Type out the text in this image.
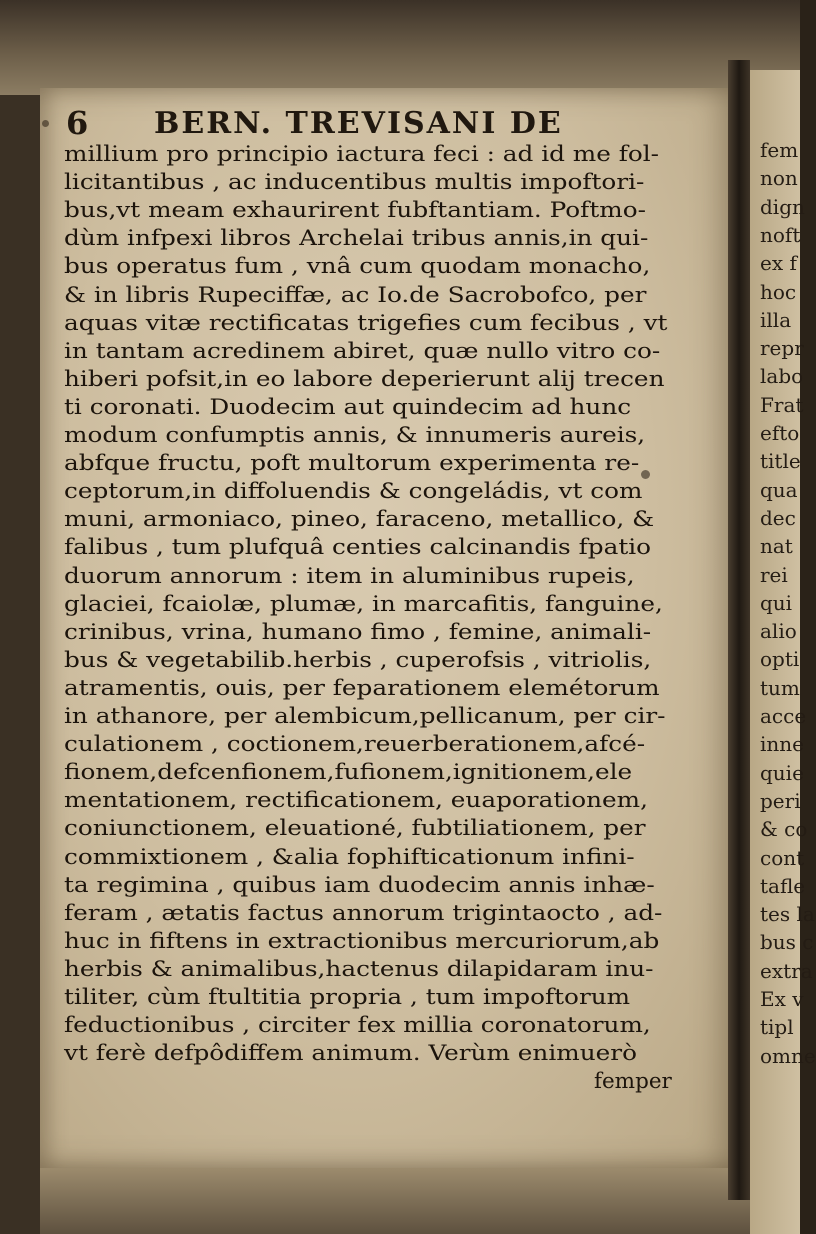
6 BERN. TREVISANI DE
millium pro principio iactura feci : ad id me fol-
licitantibus , ac inducentibus multis impoftori-
bus,vt meam exhaurirent fubftantiam. Poftmo-
dùm infpexi libros Archelai tribus annis,in qui-
bus operatus fum , vnâ cum quodam monacho,
& in libris Rupeciffæ, ac Io.de Sacrobofco, per
aquas vitæ rectificatas trigefies cum fecibus , vt
in tantam acredinem abiret, quæ nullo vitro co-
hiberi pofsit,in eo labore deperierunt alij trecen
ti coronati. Duodecim aut quindecim ad hunc
modum confumptis annis, & innumeris aureis,
abfque fructu, poft multorum experimenta re-
ceptorum,in diffoluendis & congeládis, vt com
muni, armoniaco, pineo, faraceno, metallico, &
falibus , tum plufquâ centies calcinandis fpatio
duorum annorum : item in aluminibus rupeis,
glaciei, fcaiolæ, plumæ, in marcafitis, fanguine,
crinibus, vrina, humano fimo , femine, animali-
bus & vegetabilib.herbis , cuperofsis , vitriolis,
atramentis, ouis, per feparationem elemétorum
in athanore, per alembicum,pellicanum, per cir-
culationem , coctionem,reuerberationem,afcé-
fionem,defcenfionem,fufionem,ignitionem,ele
mentationem, rectificationem, euaporationem,
coniunctionem, eleuationé, fubtiliationem, per
commixtionem , &alia fophifticationum infini-
ta regimina , quibus iam duodecim annis inhæ-
feram , ætatis factus annorum trigintaocto , ad-
huc in fiftens in extractionibus mercuriorum,ab
herbis & animalibus,hactenus dilapidaram inu-
tiliter, cùm ftultitia propria , tum impoftorum
feductionibus , circiter fex millia coronatorum,
vt ferè defpôdiffem animum. Verùm enimuerò
femper
fem
non
dign
noft
ex f
hoc
illa
repr
labo
Frat
efto
title
qua
dec
nat
rei
qui
alio
opti
tum
acce
inne
quie
peri
& co
cont
tafle
tes la
bus c
extra
Ex v
tipl
omne
